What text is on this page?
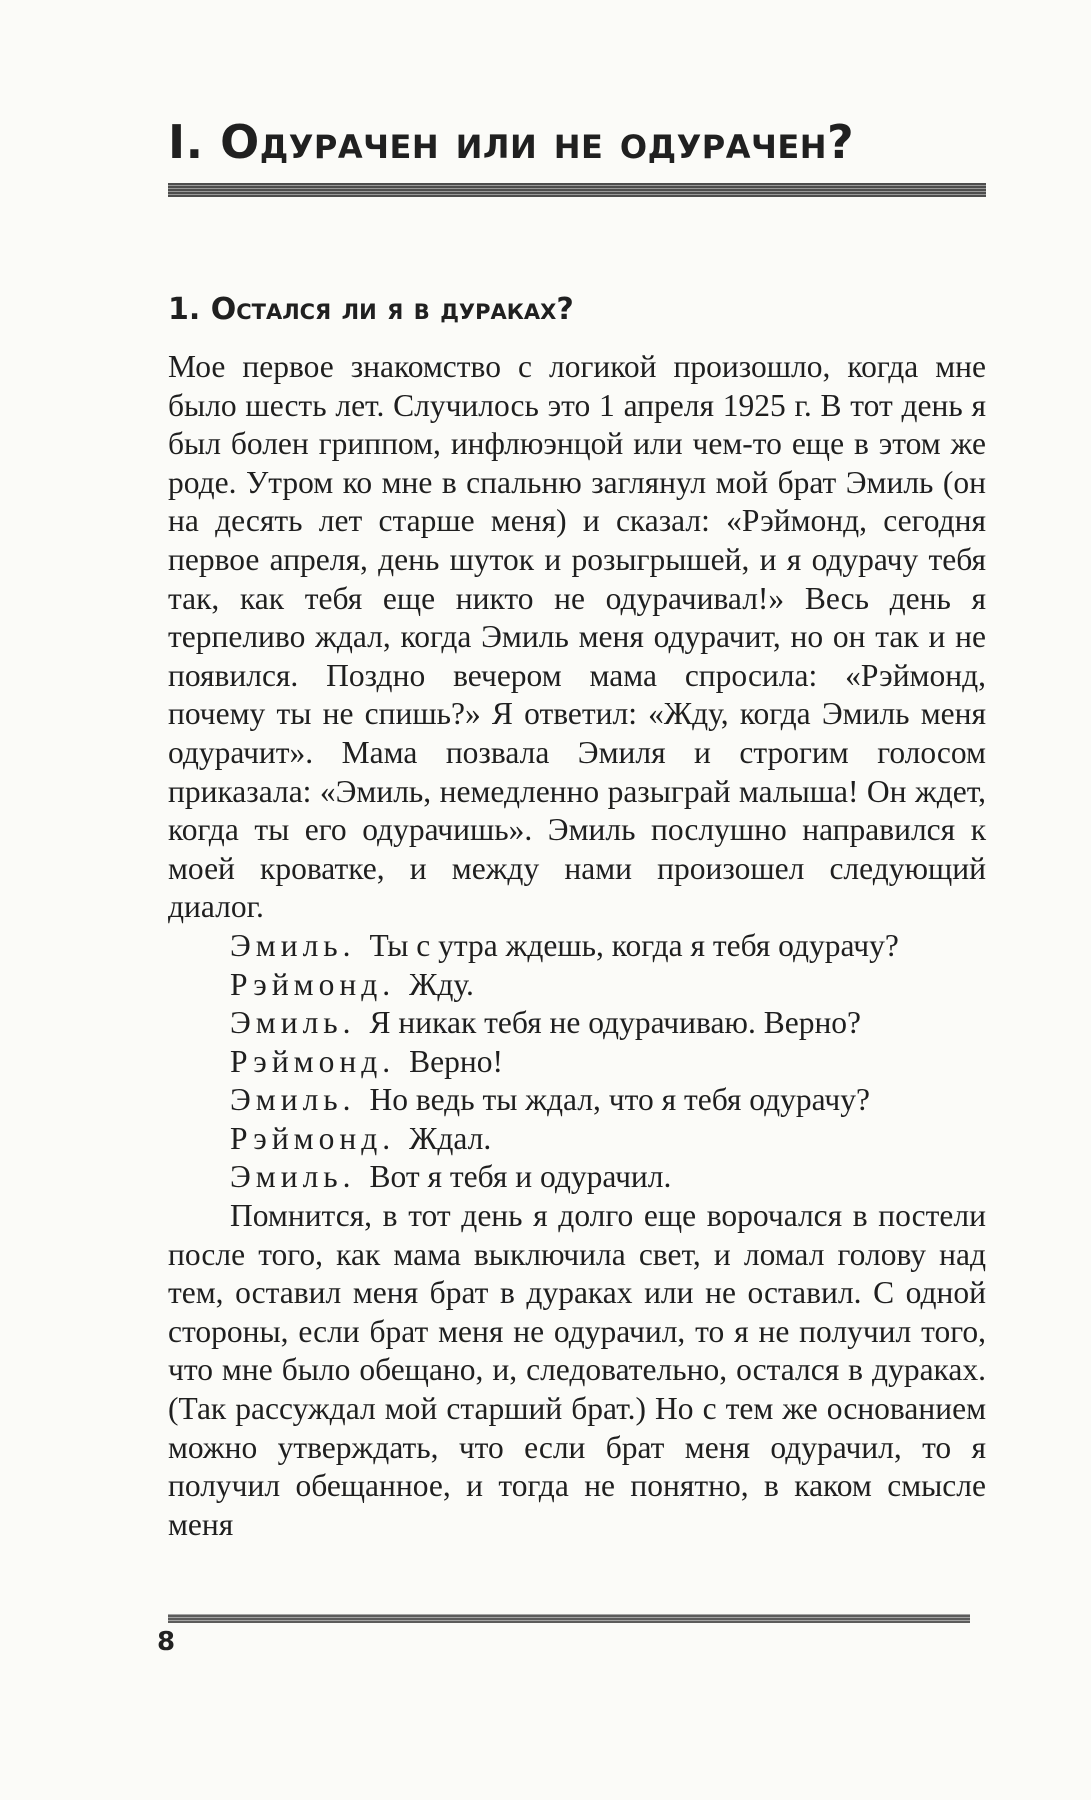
I. Одурачен или не одурачен?
1. Остался ли я в дураках?

Мое первое знакомство с логикой произошло, когда мне было шесть лет. Случилось это 1 апреля 1925 г. В тот день я был болен гриппом, инфлюэнцой или чем-то еще в этом же роде. Утром ко мне в спальню заглянул мой брат Эмиль (он на десять лет старше меня) и сказал: «Рэймонд, сегодня первое апреля, день шуток и розыгрышей, и я одурачу тебя так, как тебя еще никто не одурачивал!» Весь день я терпеливо ждал, когда Эмиль меня одурачит, но он так и не появился. Поздно вечером мама спросила: «Рэймонд, почему ты не спишь?» Я ответил: «Жду, когда Эмиль меня одурачит». Мама позвала Эмиля и строгим голосом приказала: «Эмиль, немедленно разыграй малыша! Он ждет, когда ты его одурачишь». Эмиль послушно направился к моей кроватке, и между нами произошел следующий диалог.

Эмиль. Ты с утра ждешь, когда я тебя одурачу?

Рэймонд. Жду.

Эмиль. Я никак тебя не одурачиваю. Верно?

Рэймонд. Верно!

Эмиль. Но ведь ты ждал, что я тебя одурачу?

Рэймонд. Ждал.

Эмиль. Вот я тебя и одурачил.

Помнится, в тот день я долго еще ворочался в постели после того, как мама выключила свет, и ломал голову над тем, оставил меня брат в дураках или не оставил. С одной стороны, если брат меня не одурачил, то я не получил того, что мне было обещано, и, следовательно, остался в дураках. (Так рассуждал мой старший брат.) Но с тем же основанием можно утверждать, что если брат меня одурачил, то я получил обещанное, и тогда не понятно, в каком смысле меня

8
